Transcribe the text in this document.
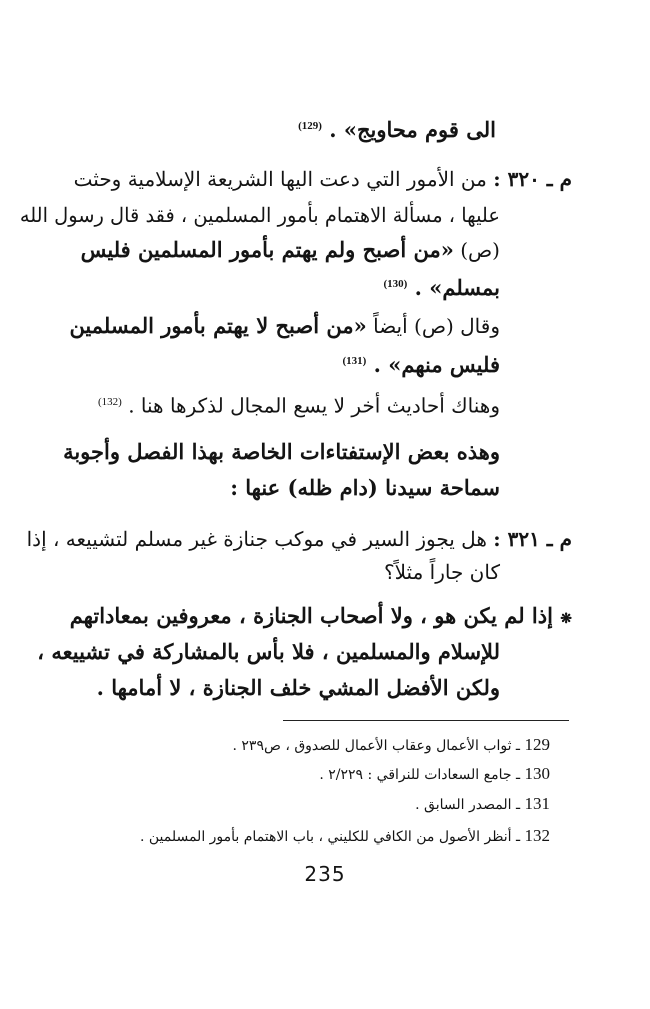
الى قوم محاويج» . $^{(129)}$
م ـ ٣٢٠ : من الأمور التي دعت اليها الشريعة الإسلامية وحثت
عليها ، مسألة الاهتمام بأمور المسلمين ، فقد قال رسول الله
(ص) «من أصبح ولم يهتم بأمور المسلمين فليس
بمسلم» . $^{(130)}$
وقال (ص) أيضاً «من أصبح لا يهتم بأمور المسلمين
فليس منهم» . $^{(131)}$
وهناك أحاديث أخر لا يسع المجال لذكرها هنا . $^{(132)}$
وهذه بعض الإستفتاءات الخاصة بهذا الفصل وأجوبة
سماحة سيدنا (دام ظله) عنها :
م ـ ٣٢١ : هل يجوز السير في موكب جنازة غير مسلم لتشييعه ، إذا
كان جاراً مثلاً؟
❋ إذا لم يكن هو ، ولا أصحاب الجنازة ، معروفين بمعاداتهم
للإسلام والمسلمين ، فلا بأس بالمشاركة في تشييعه ،
ولكن الأفضل المشي خلف الجنازة ، لا أمامها .
129 ـ ثواب الأعمال وعقاب الأعمال للصدوق ، ص٢٣٩ .
130 ـ جامع السعادات للنراقي : ٢/٢٢٩ .
131 ـ المصدر السابق .
132 ـ أنظر الأصول من الكافي للكليني ، باب الاهتمام بأمور المسلمين .
235
